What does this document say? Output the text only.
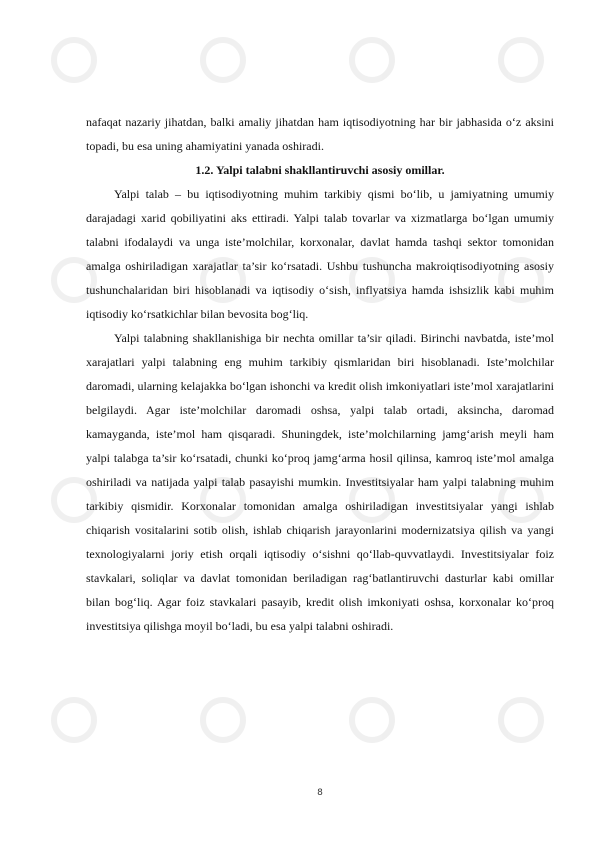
nafaqat nazariy jihatdan, balki amaliy jihatdan ham iqtisodiyotning har bir jabhasida o‘z aksini topadi, bu esa uning ahamiyatini yanada oshiradi.

1.2. Yalpi talabni shakllantiruvchi asosiy omillar.

Yalpi talab – bu iqtisodiyotning muhim tarkibiy qismi bo‘lib, u jamiyatning umumiy darajadagi xarid qobiliyatini aks ettiradi. Yalpi talab tovarlar va xizmatlarga bo‘lgan umumiy talabni ifodalaydi va unga iste’molchilar, korxonalar, davlat hamda tashqi sektor tomonidan amalga oshiriladigan xarajatlar ta’sir ko‘rsatadi. Ushbu tushuncha makroiqtisodiyotning asosiy tushunchalaridan biri hisoblanadi va iqtisodiy o‘sish, inflyatsiya hamda ishsizlik kabi muhim iqtisodiy ko‘rsatkichlar bilan bevosita bog‘liq.

Yalpi talabning shakllanishiga bir nechta omillar ta’sir qiladi. Birinchi navbatda, iste’mol xarajatlari yalpi talabning eng muhim tarkibiy qismlaridan biri hisoblanadi. Iste’molchilar daromadi, ularning kelajakka bo‘lgan ishonchi va kredit olish imkoniyatlari iste’mol xarajatlarini belgilaydi. Agar iste’molchilar daromadi oshsa, yalpi talab ortadi, aksincha, daromad kamayganda, iste’mol ham qisqaradi. Shuningdek, iste’molchilarning jamg‘arish meyli ham yalpi talabga ta’sir ko‘rsatadi, chunki ko‘proq jamg‘arma hosil qilinsa, kamroq iste’mol amalga oshiriladi va natijada yalpi talab pasayishi mumkin. Investitsiyalar ham yalpi talabning muhim tarkibiy qismidir. Korxonalar tomonidan amalga oshiriladigan investitsiyalar yangi ishlab chiqarish vositalarini sotib olish, ishlab chiqarish jarayonlarini modernizatsiya qilish va yangi texnologiyalarni joriy etish orqali iqtisodiy o‘sishni qo‘llab-quvvatlaydi. Investitsiyalar foiz stavkalari, soliqlar va davlat tomonidan beriladigan rag‘batlantiruvchi dasturlar kabi omillar bilan bog‘liq. Agar foiz stavkalari pasayib, kredit olish imkoniyati oshsa, korxonalar ko‘proq investitsiya qilishga moyil bo‘ladi, bu esa yalpi talabni oshiradi.

8
